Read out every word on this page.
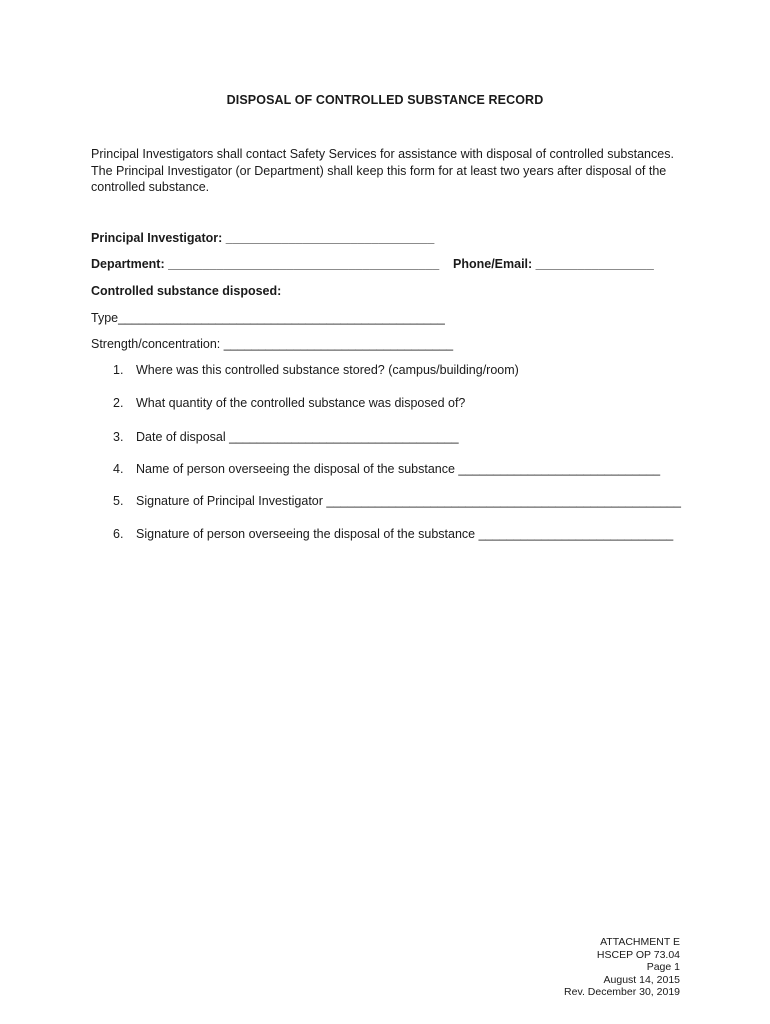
DISPOSAL OF CONTROLLED SUBSTANCE RECORD
Principal Investigators shall contact Safety Services for assistance with disposal of controlled substances.
The Principal Investigator (or Department) shall keep this form for at least two years after disposal of the
controlled substance.
Principal Investigator: ______________________________
Department: _______________________________________ Phone/Email: _________________
Controlled substance disposed:
Type_______________________________________________
Strength/concentration: _________________________________
1. Where was this controlled substance stored? (campus/building/room)
2. What quantity of the controlled substance was disposed of?
3. Date of disposal _________________________________
4. Name of person overseeing the disposal of the substance _____________________________
5. Signature of Principal Investigator ___________________________________________________
6. Signature of person overseeing the disposal of the substance ____________________________
ATTACHMENT E
HSCEP OP 73.04
Page 1
August 14, 2015
Rev. December 30, 2019
